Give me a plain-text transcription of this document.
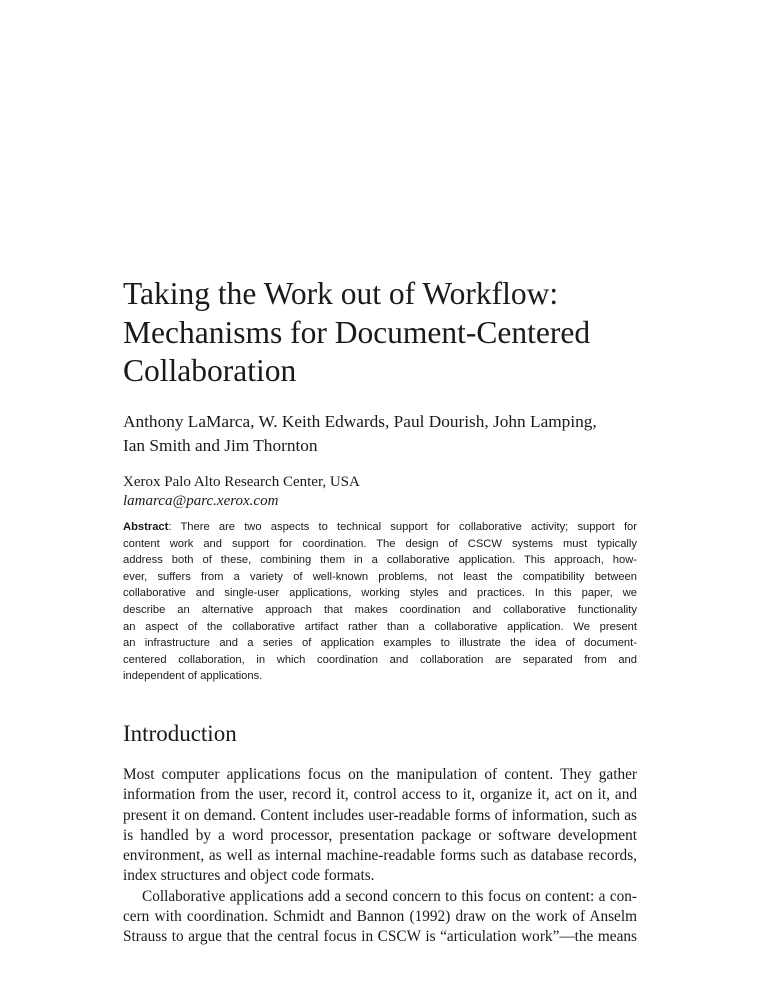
Taking the Work out of Workflow:
Mechanisms for Document-Centered
Collaboration

Anthony LaMarca, W. Keith Edwards, Paul Dourish, John Lamping,
Ian Smith and Jim Thornton

Xerox Palo Alto Research Center, USA
lamarca@parc.xerox.com

Abstract: There are two aspects to technical support for collaborative activity; support for
content work and support for coordination. The design of CSCW systems must typically
address both of these, combining them in a collaborative application. This approach, how-
ever, suffers from a variety of well-known problems, not least the compatibility between
collaborative and single-user applications, working styles and practices. In this paper, we
describe an alternative approach that makes coordination and collaborative functionality
an aspect of the collaborative artifact rather than a collaborative application. We present
an infrastructure and a series of application examples to illustrate the idea of document-
centered collaboration, in which coordination and collaboration are separated from and
independent of applications.
Introduction
Most computer applications focus on the manipulation of content. They gather
information from the user, record it, control access to it, organize it, act on it, and
present it on demand. Content includes user-readable forms of information, such as
is handled by a word processor, presentation package or software development
environment, as well as internal machine-readable forms such as database records,
index structures and object code formats.
Collaborative applications add a second concern to this focus on content: a con-
cern with coordination. Schmidt and Bannon (1992) draw on the work of Anselm
Strauss to argue that the central focus in CSCW is “articulation work”—the means
